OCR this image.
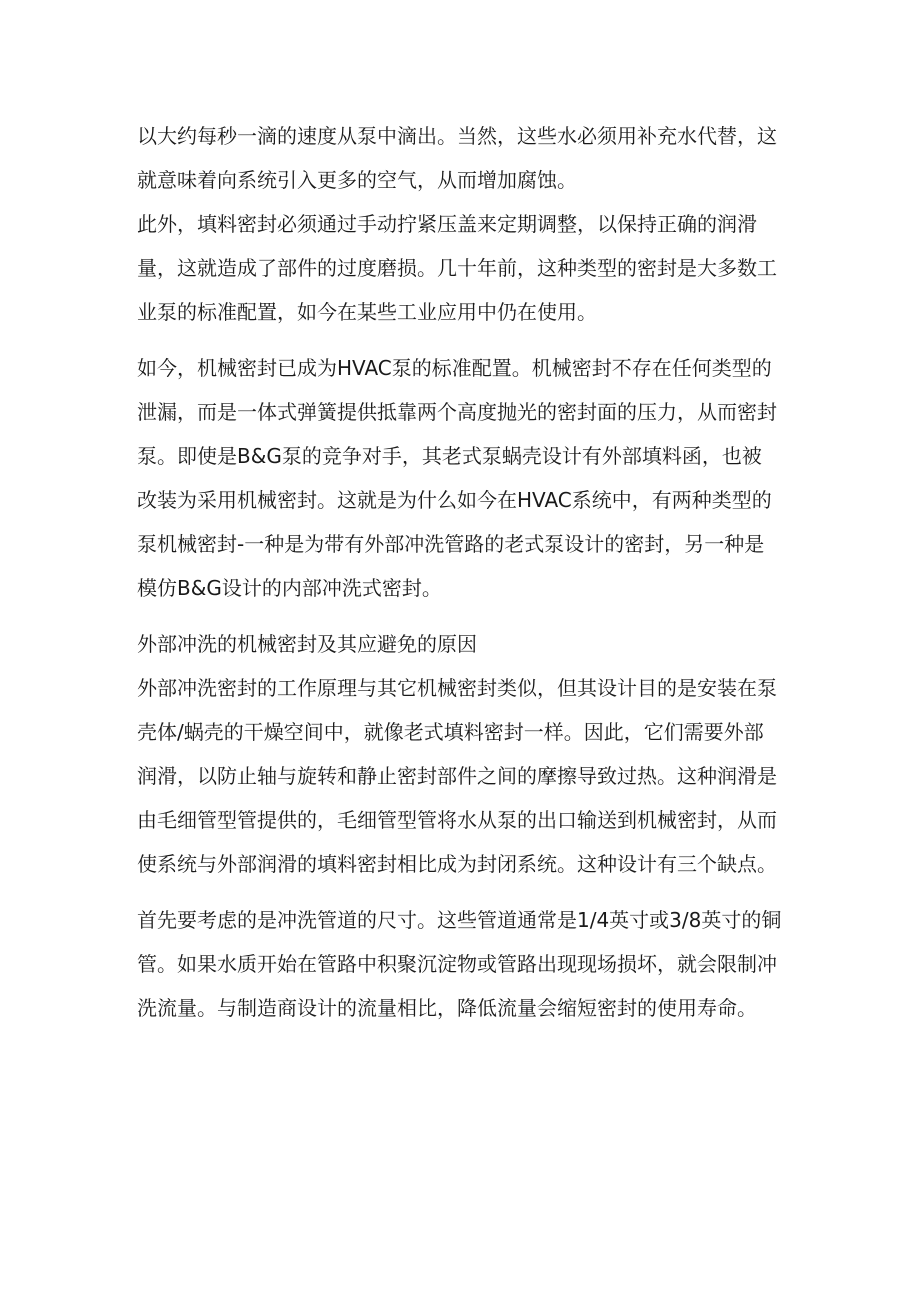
以大约每秒一滴的速度从泵中滴出。当然，这些水必须用补充水代替，这
就意味着向系统引入更多的空气，从而增加腐蚀。
此外，填料密封必须通过手动拧紧压盖来定期调整，以保持正确的润滑
量，这就造成了部件的过度磨损。几十年前，这种类型的密封是大多数工
业泵的标准配置，如今在某些工业应用中仍在使用。
如今，机械密封已成为HVAC泵的标准配置。机械密封不存在任何类型的
泄漏，而是一体式弹簧提供抵靠两个高度抛光的密封面的压力，从而密封
泵。即使是B&G泵的竞争对手，其老式泵蜗壳设计有外部填料函，也被
改装为采用机械密封。这就是为什么如今在HVAC系统中，有两种类型的
泵机械密封-一种是为带有外部冲洗管路的老式泵设计的密封，另一种是
模仿B&G设计的内部冲洗式密封。
外部冲洗的机械密封及其应避免的原因
外部冲洗密封的工作原理与其它机械密封类似，但其设计目的是安装在泵
壳体/蜗壳的干燥空间中，就像老式填料密封一样。因此，它们需要外部
润滑，以防止轴与旋转和静止密封部件之间的摩擦导致过热。这种润滑是
由毛细管型管提供的，毛细管型管将水从泵的出口输送到机械密封，从而
使系统与外部润滑的填料密封相比成为封闭系统。这种设计有三个缺点。
首先要考虑的是冲洗管道的尺寸。这些管道通常是1/4英寸或3/8英寸的铜
管。如果水质开始在管路中积聚沉淀物或管路出现现场损坏，就会限制冲
洗流量。与制造商设计的流量相比，降低流量会缩短密封的使用寿命。
